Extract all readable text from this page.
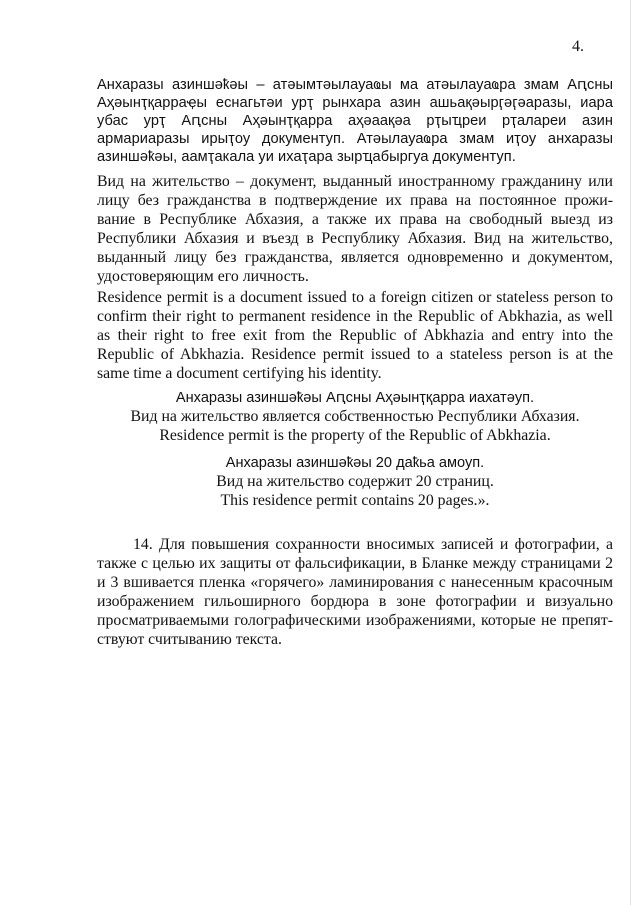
4.
Анхаразы азиншәҟәы – атәымтәылауаҩы ма атәылауаҩра змам Аԥсны
Аҳәынҭқарраҿы еснагьтәи урҭ рынхара азин ашьақәырӷәӷәаразы, иара
убас урҭ Аԥсны Аҳәынҭқарра аҳәаақәа рҭыҵреи рҭалареи азин
армариаразы ирыҭоу документуп. Атәылауаҩра змам иҭоу анхаразы
азиншәҟәы, аамҭакала уи ихаҭара зырҵабыргуа документуп.
Вид на жительство – документ, выданный иностранному гражданину или
лицу без гражданства в подтверждение их права на постоянное прожи-
вание в Республике Абхазия, а также их права на свободный выезд из
Республики Абхазия и въезд в Республику Абхазия. Вид на жительство,
выданный лицу без гражданства, является одновременно и документом,
удостоверяющим его личность.
Residence permit is a document issued to a foreign citizen or stateless person to
confirm their right to permanent residence in the Republic of Abkhazia, as well
as their right to free exit from the Republic of Abkhazia and entry into the
Republic of Abkhazia. Residence permit issued to a stateless person is at the
same time a document certifying his identity.
Анхаразы азиншәҟәы Аԥсны Аҳәынҭқарра иахатәуп.
Вид на жительство является собственностью Республики Абхазия.
Residence permit is the property of the Republic of Abkhazia.
Анхаразы азиншәҟәы 20 даҟьа амоуп.
Вид на жительство содержит 20 страниц.
This residence permit contains 20 pages.».
14. Для повышения сохранности вносимых записей и фотографии, а
также с целью их защиты от фальсификации, в Бланке между страницами 2
и 3 вшивается пленка «горячего» ламинирования с нанесенным красочным
изображением гильоширного бордюра в зоне фотографии и визуально
просматриваемыми голографическими изображениями, которые не препят-
ствуют считыванию текста.
